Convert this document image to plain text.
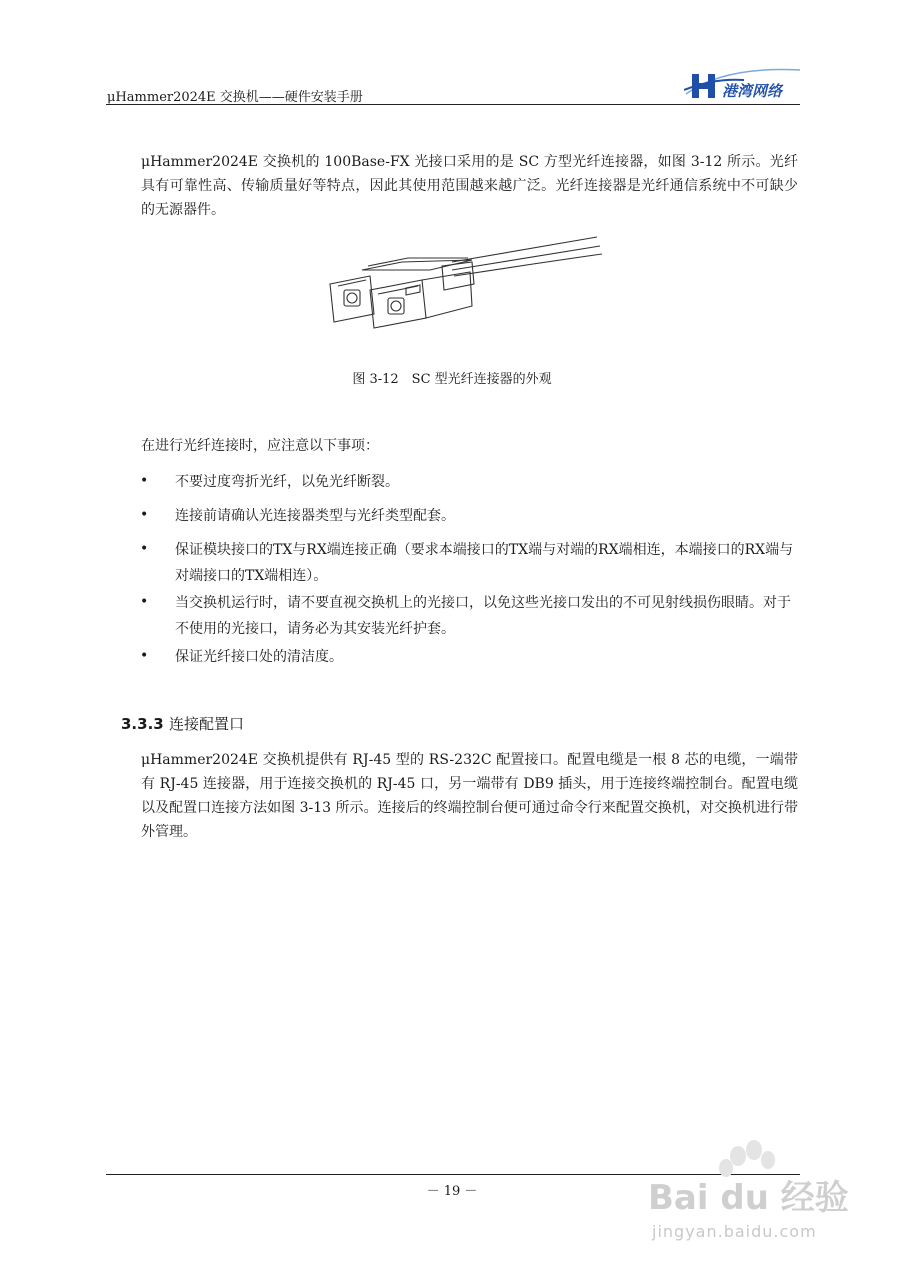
μHammer2024E 交换机——硬件安装手册	港湾网络
μHammer2024E 交换机的 100Base-FX 光接口采用的是 SC 方型光纤连接器，如图 3-12 所示。光纤具有可靠性高、传输质量好等特点，因此其使用范围越来越广泛。光纤连接器是光纤通信系统中不可缺少的无源器件。
图 3-12　SC 型光纤连接器的外观
在进行光纤连接时，应注意以下事项：
• 不要过度弯折光纤，以免光纤断裂。
• 连接前请确认光连接器类型与光纤类型配套。
• 保证模块接口的TX与RX端连接正确（要求本端接口的TX端与对端的RX端相连，本端接口的RX端与对端接口的TX端相连）。
• 当交换机运行时，请不要直视交换机上的光接口，以免这些光接口发出的不可见射线损伤眼睛。对于不使用的光接口，请务必为其安装光纤护套。
• 保证光纤接口处的清洁度。
3.3.3 连接配置口
μHammer2024E 交换机提供有 RJ-45 型的 RS-232C 配置接口。配置电缆是一根 8 芯的电缆，一端带有 RJ-45 连接器，用于连接交换机的 RJ-45 口，另一端带有 DB9 插头，用于连接终端控制台。配置电缆以及配置口连接方法如图 3-13 所示。连接后的终端控制台便可通过命令行来配置交换机，对交换机进行带外管理。
－ 19 －	Bai du 经验
jingyan.baidu.com
